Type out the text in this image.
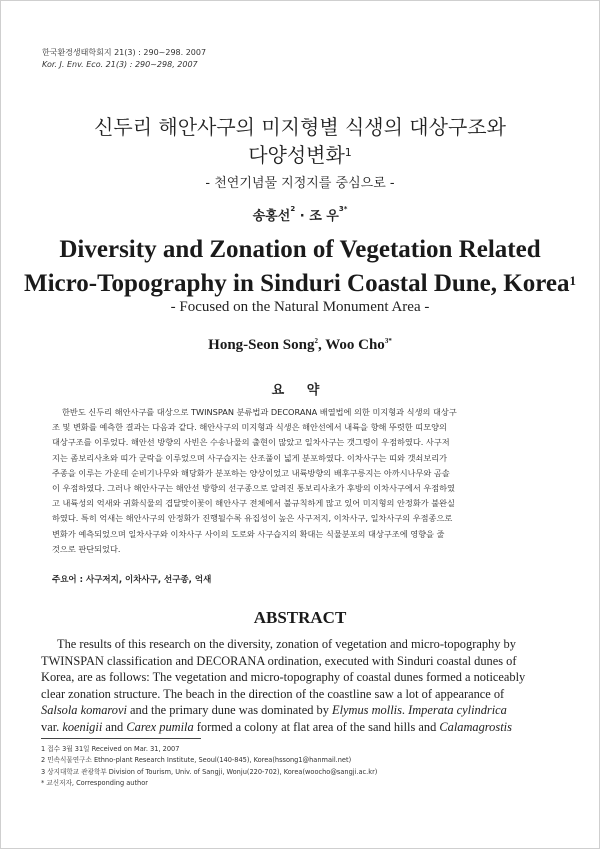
한국환경생태학회지 21(3) : 290~298. 2007
Kor. J. Env. Eco. 21(3) : 290~298, 2007
신두리 해안사구의 미지형별 식생의 대상구조와
다양성변화$^1$
- 천연기념물 지정지를 중심으로 -
송홍선$^2$ · 조 우$^{3*}$
Diversity and Zonation of Vegetation Related
Micro-Topography in Sinduri Coastal Dune, Korea$^1$
- Focused on the Natural Monument Area -
Hong-Seon Song$^2$, Woo Cho$^{3*}$
요 약
한반도 신두리 해안사구를 대상으로 TWINSPAN 분류법과 DECORANA 배열법에 의한 미지형과 식생의 대상구
조 및 변화를 예측한 결과는 다음과 같다. 해안사구의 미지형과 식생은 해안선에서 내륙을 향해 뚜렷한 띠모양의
대상구조를 이루었다. 해안선 방향의 사빈은 수송나물의 출현이 많았고 일차사구는 갯그령이 우점하였다. 사구저
지는 좀보리사초와 띠가 군락을 이루었으며 사구습지는 산조풀이 넓게 분포하였다. 이차사구는 띠와 갯쇠보리가
주종을 이루는 가운데 순비기나무와 해당화가 분포하는 양상이었고 내륙방향의 배후구릉지는 아까시나무와 곰솔
이 우점하였다. 그러나 해안사구는 해안선 방향의 선구종으로 알려진 통보리사초가 후방의 이차사구에서 우점하였
고 내륙성의 억새와 귀화식물의 겹달맞이꽃이 해안사구 전체에서 불규칙하게 많고 있어 미지형의 안정화가 불완실
하였다. 특히 억새는 해안사구의 안정화가 진행될수록 유집성이 높은 사구저지, 이차사구, 일차사구의 우점종으로
변화가 예측되었으며 일차사구와 이차사구 사이의 도로와 사구습지의 확대는 식물분포의 대상구조에 영향을 줄
것으로 판단되었다.
주요어 : 사구저지, 이차사구, 선구종, 억새
ABSTRACT
The results of this research on the diversity, zonation of vegetation and micro-topography by
TWINSPAN classification and DECORANA ordination, executed with Sinduri coastal dunes of
Korea, are as follows: The vegetation and micro-topography of coastal dunes formed a noticeably
clear zonation structure. The beach in the direction of the coastline saw a lot of appearance of
Salsola komarovi and the primary dune was dominated by Elymus mollis. Imperata cylindrica
var. koenigii and Carex pumila formed a colony at flat area of the sand hills and Calamagrostis
1 접수 3월 31일 Received on Mar. 31, 2007
2 민속식물연구소 Ethno-plant Research Institute, Seoul(140-845), Korea(hssong1@hanmail.net)
3 상지대학교 관광학부 Division of Tourism, Univ. of Sangji, Wonju(220-702), Korea(woocho@sangji.ac.kr)
* 교신저자, Corresponding author
